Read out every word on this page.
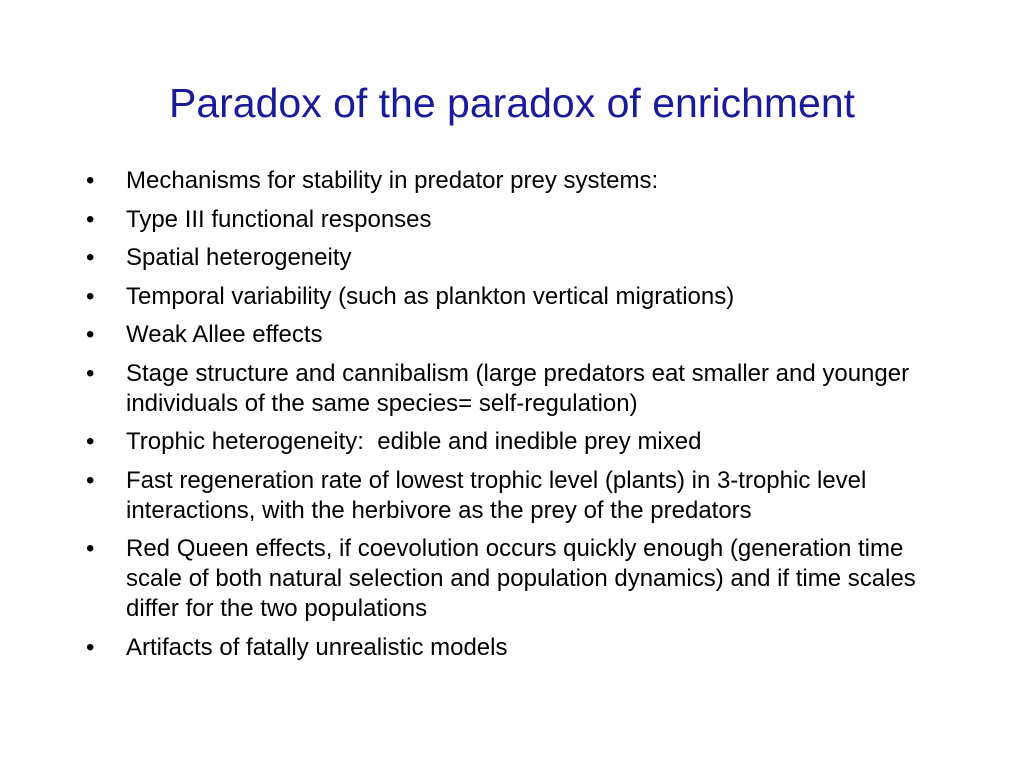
Paradox of the paradox of enrichment
•	Mechanisms for stability in predator prey systems:
•	Type III functional responses
•	Spatial heterogeneity
•	Temporal variability (such as plankton vertical migrations)
•	Weak Allee effects
•	Stage structure and cannibalism (large predators eat smaller and younger individuals of the same species= self-regulation)
•	Trophic heterogeneity:  edible and inedible prey mixed
•	Fast regeneration rate of lowest trophic level (plants) in 3-trophic level interactions, with the herbivore as the prey of the predators
•	Red Queen effects, if coevolution occurs quickly enough (generation time scale of both natural selection and population dynamics) and if time scales differ for the two populations
•	Artifacts of fatally unrealistic models
